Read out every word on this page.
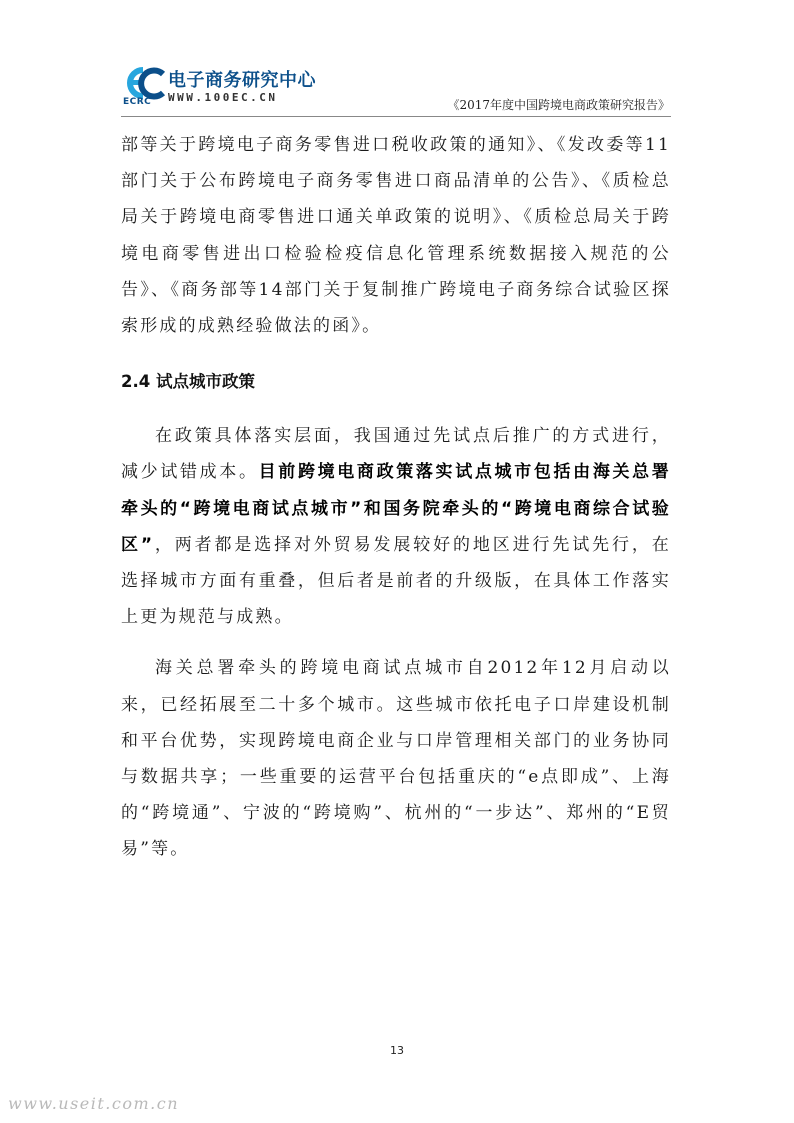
电子商务研究中心
ECRC WWW.100EC.CN
《2017年度中国跨境电商政策研究报告》

部等关于跨境电子商务零售进口税收政策的通知》、《发改委等11部门关于公布跨境电子商务零售进口商品清单的公告》、《质检总局关于跨境电商零售进口通关单政策的说明》、《质检总局关于跨境电商零售进出口检验检疫信息化管理系统数据接入规范的公告》、《商务部等14部门关于复制推广跨境电子商务综合试验区探索形成的成熟经验做法的函》。

2.4 试点城市政策

在政策具体落实层面，我国通过先试点后推广的方式进行，减少试错成本。目前跨境电商政策落实试点城市包括由海关总署牵头的“跨境电商试点城市”和国务院牵头的“跨境电商综合试验区”，两者都是选择对外贸易发展较好的地区进行先试先行，在选择城市方面有重叠，但后者是前者的升级版，在具体工作落实上更为规范与成熟。

海关总署牵头的跨境电商试点城市自2012年12月启动以来，已经拓展至二十多个城市。这些城市依托电子口岸建设机制和平台优势，实现跨境电商企业与口岸管理相关部门的业务协同与数据共享；一些重要的运营平台包括重庆的“e点即成”、上海的“跨境通”、宁波的“跨境购”、杭州的“一步达”、郑州的“E贸易”等。

13
www.useit.com.cn
